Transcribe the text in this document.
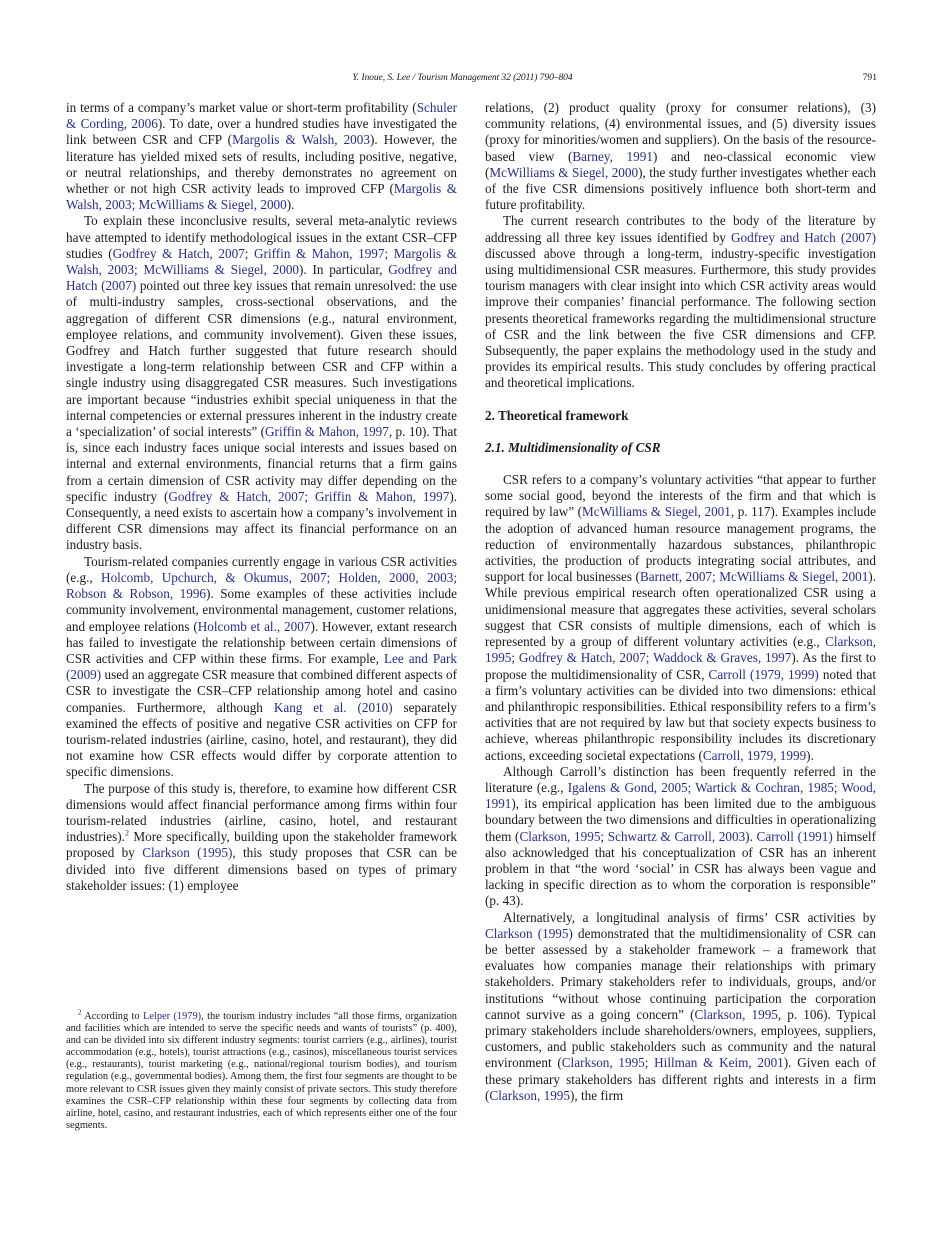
Y. Inoue, S. Lee / Tourism Management 32 (2011) 790–804	791

in terms of a company’s market value or short-term profitability (Schuler & Cording, 2006). To date, over a hundred studies have investigated the link between CSR and CFP (Margolis & Walsh, 2003). However, the literature has yielded mixed sets of results, including positive, negative, or neutral relationships, and thereby demonstrates no agreement on whether or not high CSR activity leads to improved CFP (Margolis & Walsh, 2003; McWilliams & Siegel, 2000).

To explain these inconclusive results, several meta-analytic reviews have attempted to identify methodological issues in the extant CSR–CFP studies (Godfrey & Hatch, 2007; Griffin & Mahon, 1997; Margolis & Walsh, 2003; McWilliams & Siegel, 2000). In particular, Godfrey and Hatch (2007) pointed out three key issues that remain unresolved: the use of multi-industry samples, cross-sectional observations, and the aggregation of different CSR dimensions (e.g., natural environment, employee relations, and community involvement). Given these issues, Godfrey and Hatch further suggested that future research should investigate a long-term relationship between CSR and CFP within a single industry using disaggregated CSR measures. Such investigations are important because “industries exhibit special uniqueness in that the internal competencies or external pressures inherent in the industry create a ‘specialization’ of social interests” (Griffin & Mahon, 1997, p. 10). That is, since each industry faces unique social interests and issues based on internal and external environments, financial returns that a firm gains from a certain dimension of CSR activity may differ depending on the specific industry (Godfrey & Hatch, 2007; Griffin & Mahon, 1997). Consequently, a need exists to ascertain how a company’s involvement in different CSR dimensions may affect its financial performance on an industry basis.

Tourism-related companies currently engage in various CSR activities (e.g., Holcomb, Upchurch, & Okumus, 2007; Holden, 2000, 2003; Robson & Robson, 1996). Some examples of these activities include community involvement, environmental management, customer relations, and employee relations (Holcomb et al., 2007). However, extant research has failed to investigate the relationship between certain dimensions of CSR activities and CFP within these firms. For example, Lee and Park (2009) used an aggregate CSR measure that combined different aspects of CSR to investigate the CSR–CFP relationship among hotel and casino companies. Furthermore, although Kang et al. (2010) separately examined the effects of positive and negative CSR activities on CFP for tourism-related industries (airline, casino, hotel, and restaurant), they did not examine how CSR effects would differ by corporate attention to specific dimensions.

The purpose of this study is, therefore, to examine how different CSR dimensions would affect financial performance among firms within four tourism-related industries (airline, casino, hotel, and restaurant industries).$^2$ More specifically, building upon the stakeholder framework proposed by Clarkson (1995), this study proposes that CSR can be divided into five different dimensions based on types of primary stakeholder issues: (1) employee

$^2$ According to Lelper (1979), the tourism industry includes “all those firms, organization and facilities which are intended to serve the specific needs and wants of tourists” (p. 400), and can be divided into six different industry segments: tourist carriers (e.g., airlines), tourist accommodation (e.g., hotels), tourist attractions (e.g., casinos), miscellaneous tourist services (e.g., restaurants), tourist marketing (e.g., national/regional tourism bodies), and tourism regulation (e.g., governmental bodies). Among them, the first four segments are thought to be more relevant to CSR issues given they mainly consist of private sectors. This study therefore examines the CSR–CFP relationship within these four segments by collecting data from airline, hotel, casino, and restaurant industries, each of which represents either one of the four segments.

relations, (2) product quality (proxy for consumer relations), (3) community relations, (4) environmental issues, and (5) diversity issues (proxy for minorities/women and suppliers). On the basis of the resource-based view (Barney, 1991) and neo-classical economic view (McWilliams & Siegel, 2000), the study further investigates whether each of the five CSR dimensions positively influence both short-term and future profitability.

The current research contributes to the body of the literature by addressing all three key issues identified by Godfrey and Hatch (2007) discussed above through a long-term, industry-specific investigation using multidimensional CSR measures. Furthermore, this study provides tourism managers with clear insight into which CSR activity areas would improve their companies’ financial performance. The following section presents theoretical frameworks regarding the multidimensional structure of CSR and the link between the five CSR dimensions and CFP. Subsequently, the paper explains the methodology used in the study and provides its empirical results. This study concludes by offering practical and theoretical implications.

2. Theoretical framework
2.1. Multidimensionality of CSR

CSR refers to a company’s voluntary activities “that appear to further some social good, beyond the interests of the firm and that which is required by law” (McWilliams & Siegel, 2001, p. 117). Examples include the adoption of advanced human resource management programs, the reduction of environmentally hazardous substances, philanthropic activities, the production of products integrating social attributes, and support for local businesses (Barnett, 2007; McWilliams & Siegel, 2001). While previous empirical research often operationalized CSR using a unidimensional measure that aggregates these activities, several scholars suggest that CSR consists of multiple dimensions, each of which is represented by a group of different voluntary activities (e.g., Clarkson, 1995; Godfrey & Hatch, 2007; Waddock & Graves, 1997). As the first to propose the multidimensionality of CSR, Carroll (1979, 1999) noted that a firm’s voluntary activities can be divided into two dimensions: ethical and philanthropic responsibilities. Ethical responsibility refers to a firm’s activities that are not required by law but that society expects business to achieve, whereas philanthropic responsibility includes its discretionary actions, exceeding societal expectations (Carroll, 1979, 1999).

Although Carroll’s distinction has been frequently referred in the literature (e.g., Igalens & Gond, 2005; Wartick & Cochran, 1985; Wood, 1991), its empirical application has been limited due to the ambiguous boundary between the two dimensions and difficulties in operationalizing them (Clarkson, 1995; Schwartz & Carroll, 2003). Carroll (1991) himself also acknowledged that his conceptualization of CSR has an inherent problem in that “the word ‘social’ in CSR has always been vague and lacking in specific direction as to whom the corporation is responsible” (p. 43).

Alternatively, a longitudinal analysis of firms’ CSR activities by Clarkson (1995) demonstrated that the multidimensionality of CSR can be better assessed by a stakeholder framework – a framework that evaluates how companies manage their relationships with primary stakeholders. Primary stakeholders refer to individuals, groups, and/or institutions “without whose continuing participation the corporation cannot survive as a going concern” (Clarkson, 1995, p. 106). Typical primary stakeholders include shareholders/owners, employees, suppliers, customers, and public stakeholders such as community and the natural environment (Clarkson, 1995; Hillman & Keim, 2001). Given each of these primary stakeholders has different rights and interests in a firm (Clarkson, 1995), the firm
